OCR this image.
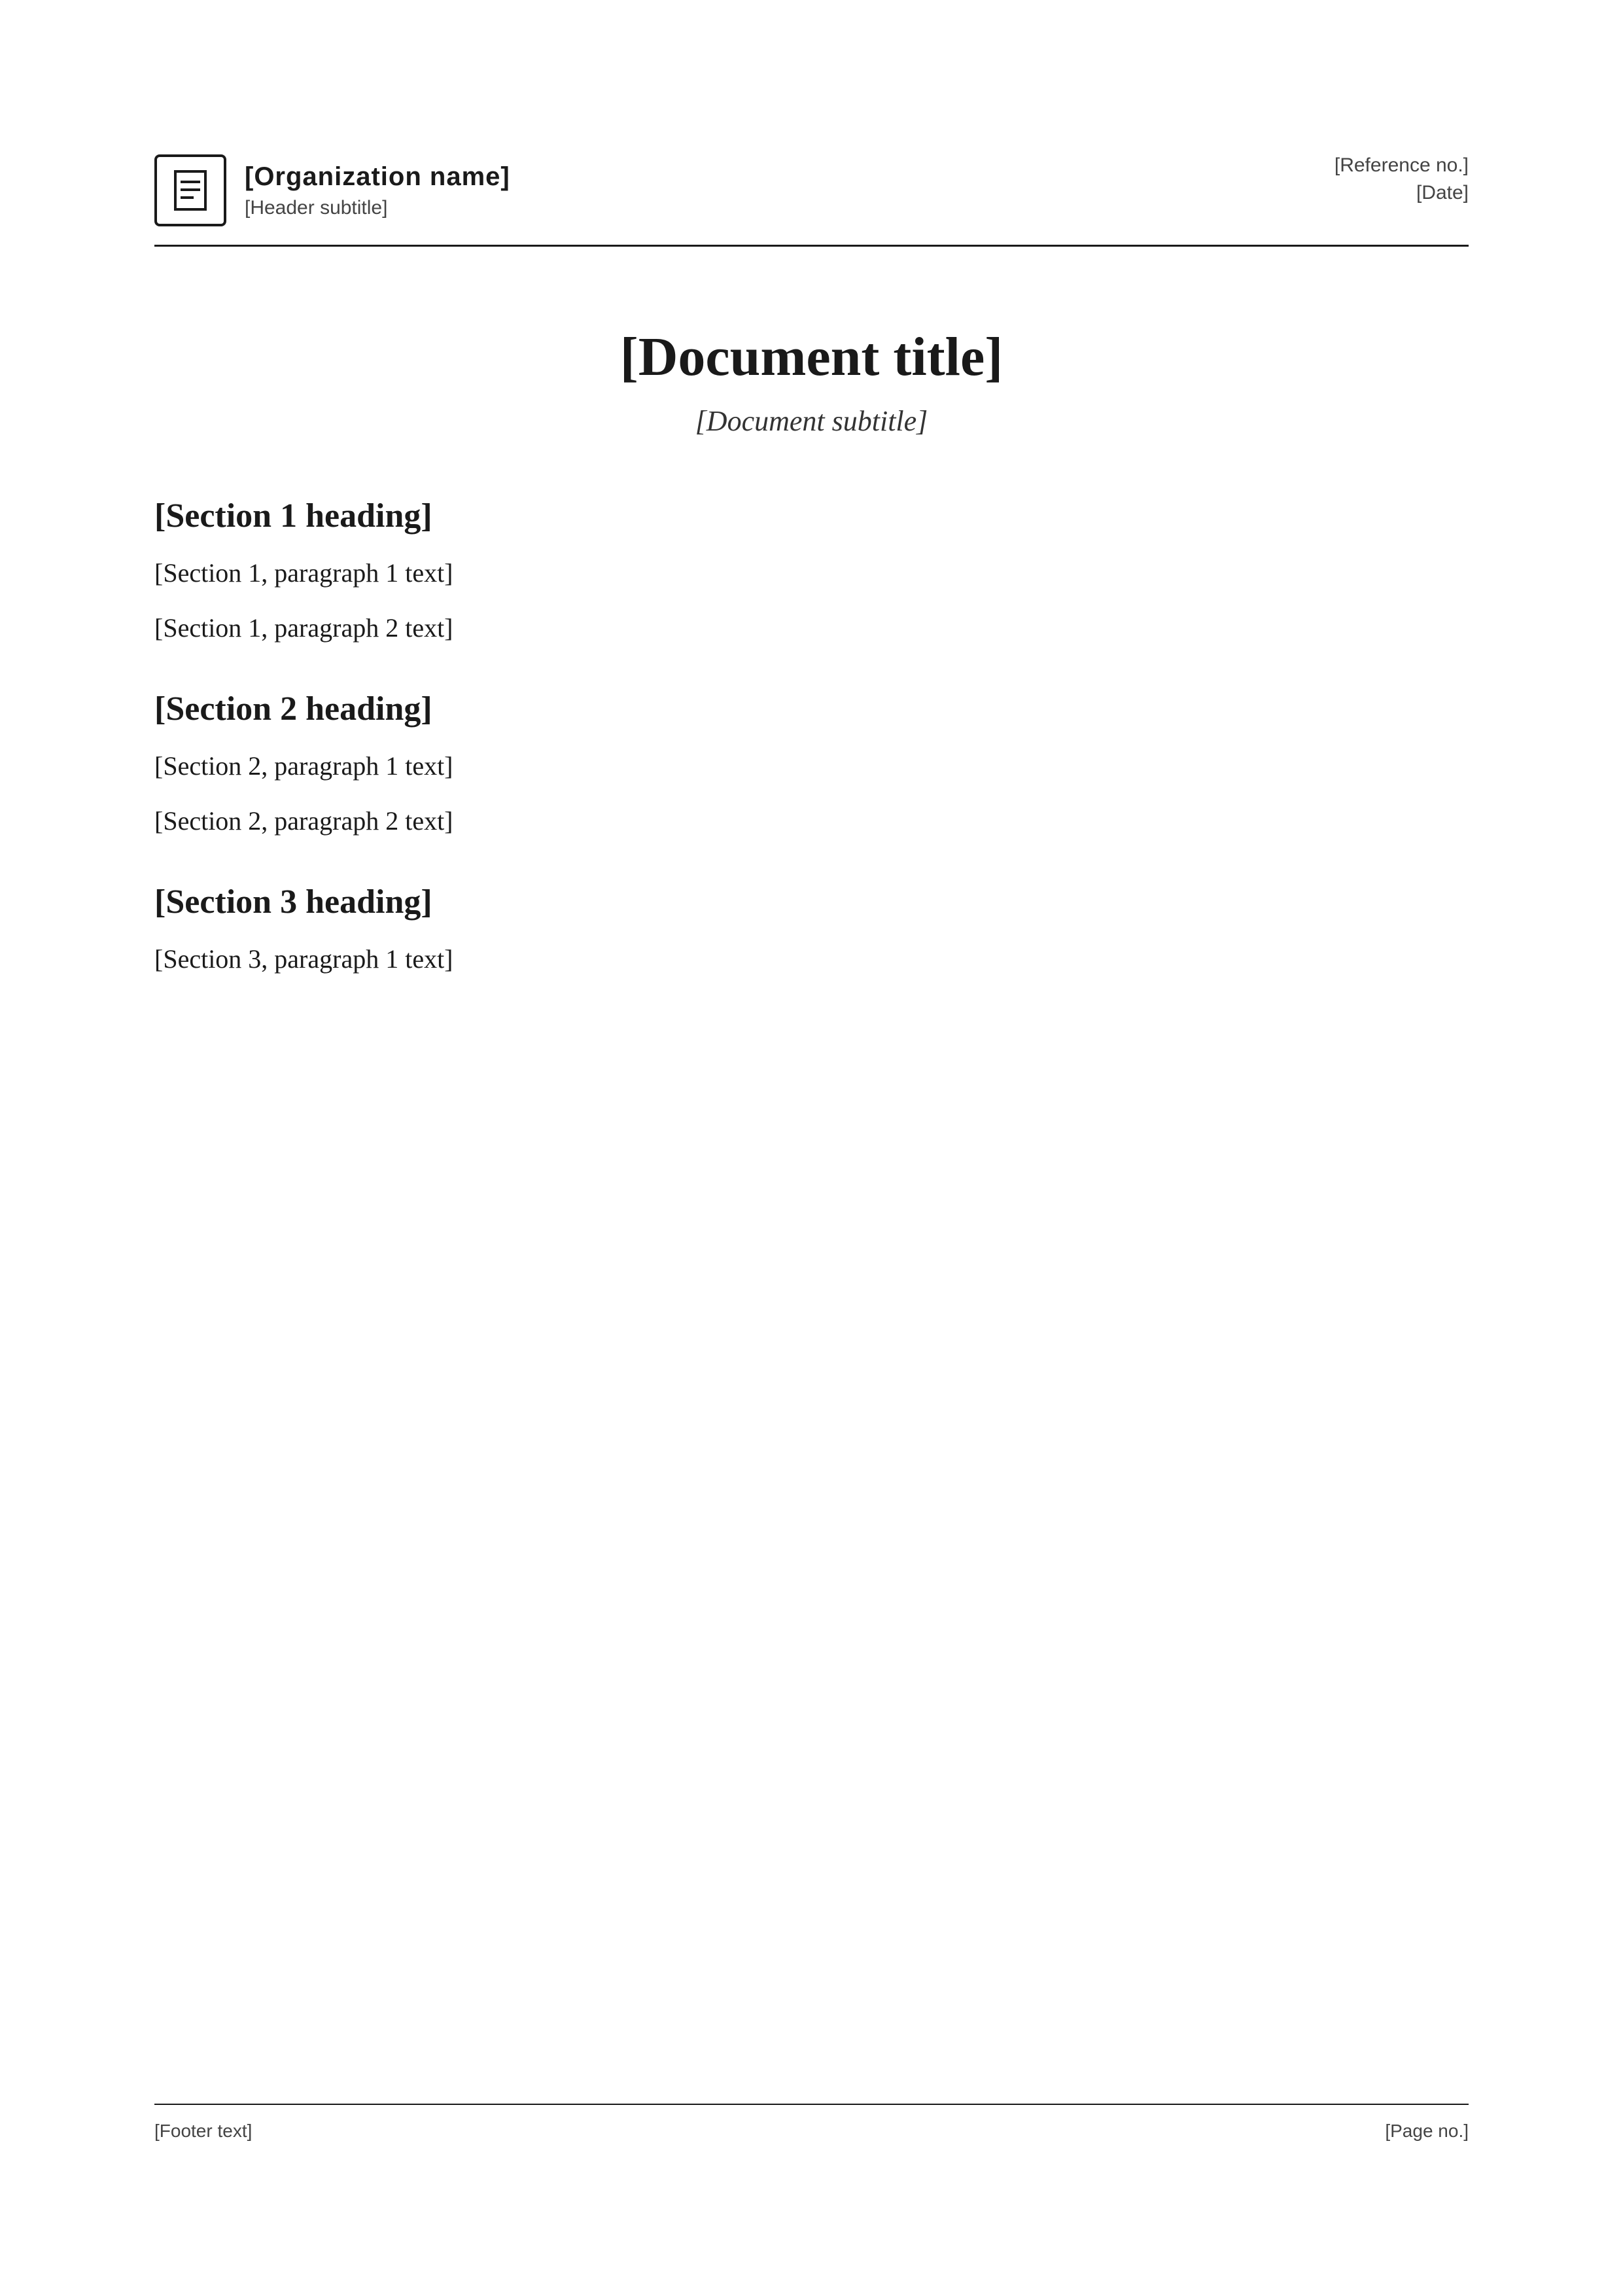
[Organization name]
[Header subtitle]
[Reference no.]
[Date]
[Document title]

[Document subtitle]

[Section 1 heading]

[Section 1, paragraph 1 text]

[Section 1, paragraph 2 text]

[Section 2 heading]

[Section 2, paragraph 1 text]

[Section 2, paragraph 2 text]

[Section 3 heading]

[Section 3, paragraph 1 text]

[Footer text]	[Page no.]
